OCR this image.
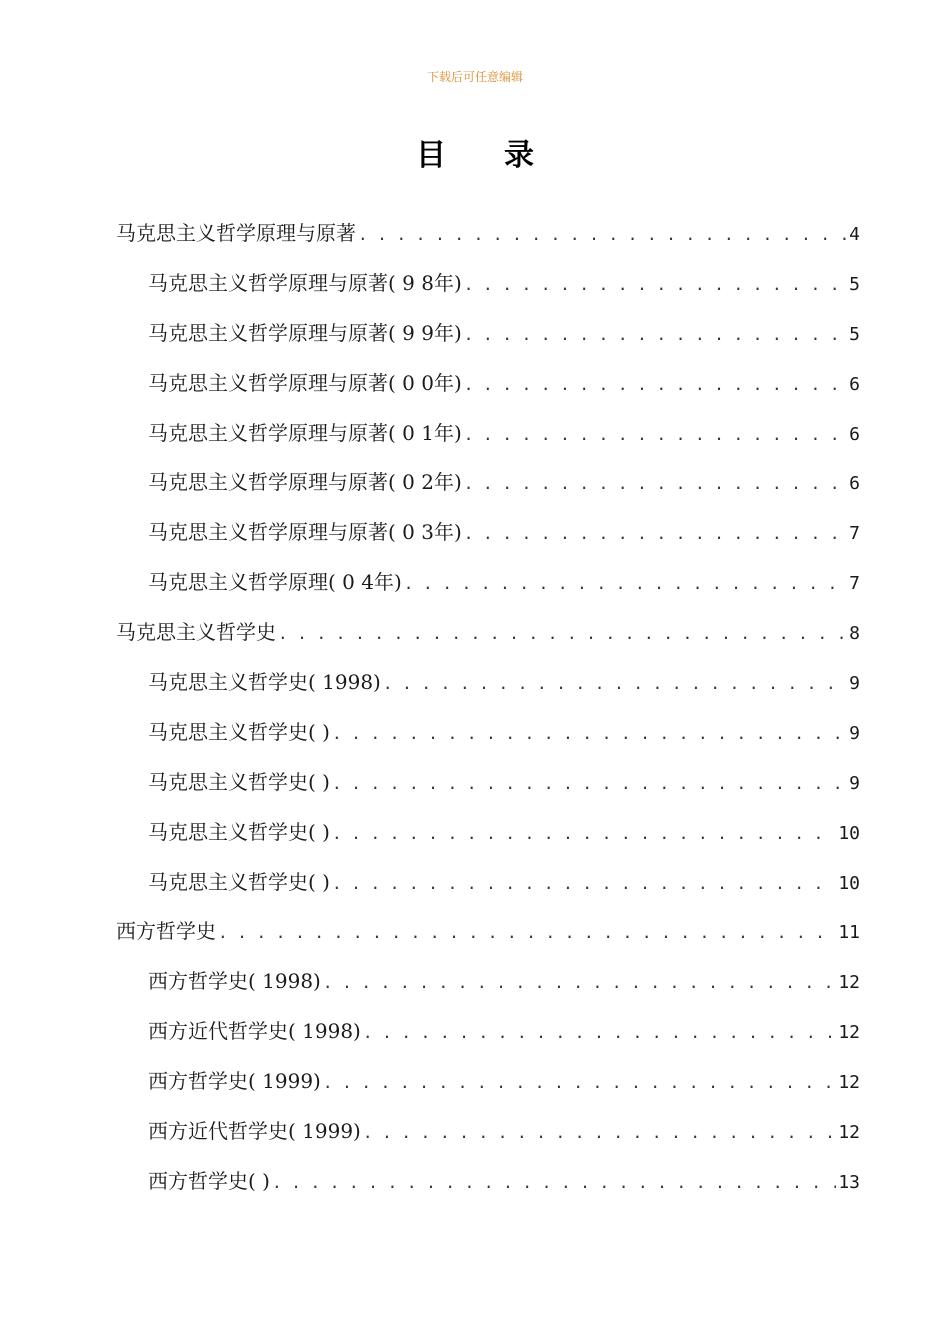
下载后可任意编辑
目录
马克思主义哲学原理与原著 . . .	4
马克思主义哲学原理与原著( 9 8年) . . .	5
马克思主义哲学原理与原著( 9 9年) . . .	5
马克思主义哲学原理与原著( 0 0年) . . .	6
马克思主义哲学原理与原著( 0 1年) . . .	6
马克思主义哲学原理与原著( 0 2年) . . .	6
马克思主义哲学原理与原著( 0 3年) . . .	7
马克思主义哲学原理( 0 4年) . . .	7
马克思主义哲学史 . . .	8
马克思主义哲学史( 1998) . . .	9
马克思主义哲学史( ) . . .	9
马克思主义哲学史( ) . . .	9
马克思主义哲学史( ) . . .	10
马克思主义哲学史( ) . . .	10
西方哲学史 . . .	11
西方哲学史( 1998) . . .	12
西方近代哲学史( 1998) . . .	12
西方哲学史( 1999) . . .	12
西方近代哲学史( 1999) . . .	12
西方哲学史( ) . . .	13
